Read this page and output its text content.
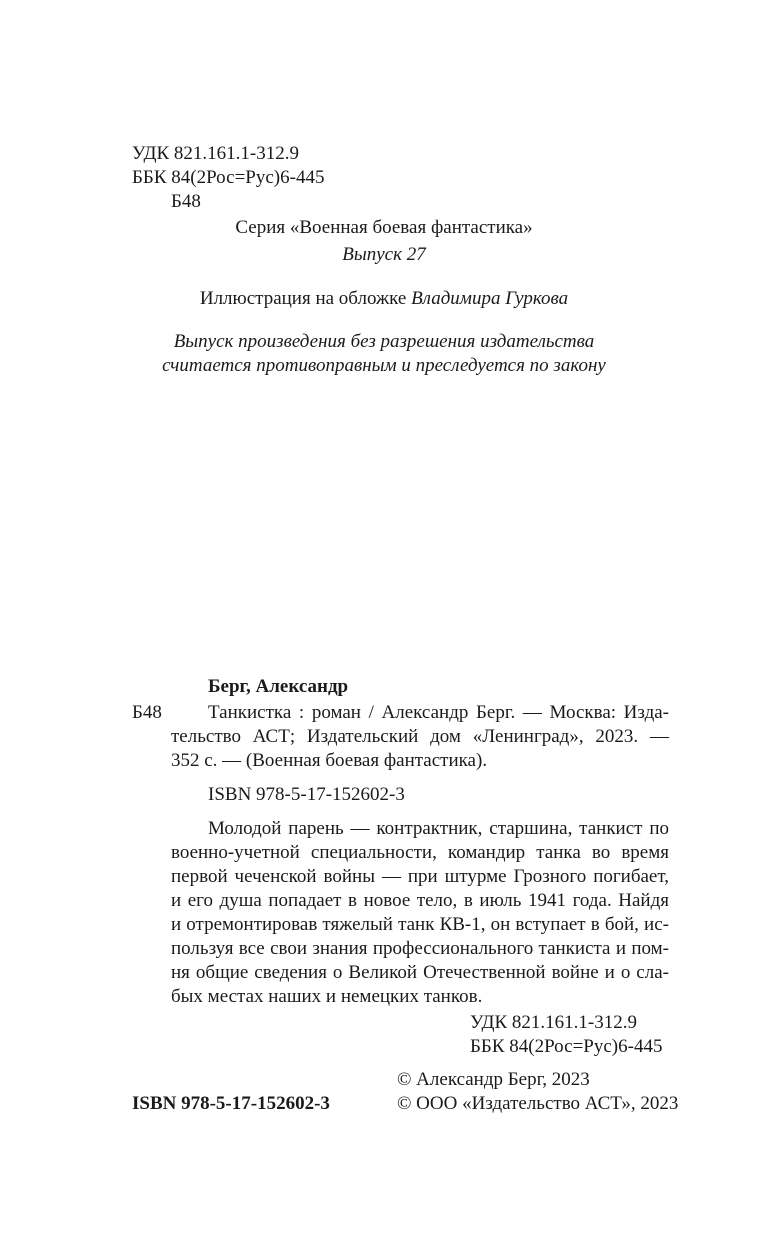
УДК 821.161.1-312.9
ББК 84(2Рос=Рус)6-445
Б48
Серия «Военная боевая фантастика»
Выпуск 27
Иллюстрация на обложке Владимира Гуркова
Выпуск произведения без разрешения издательства
считается противоправным и преследуется по закону
Берг, Александр
Б48 Танкистка : роман / Александр Берг. — Москва: Изда-
тельство АСТ; Издательский дом «Ленинград», 2023. —
352 с. — (Военная боевая фантастика).
ISBN 978-5-17-152602-3
Молодой парень — контрактник, старшина, танкист по
военно-учетной специальности, командир танка во время
первой чеченской войны — при штурме Грозного погибает,
и его душа попадает в новое тело, в июль 1941 года. Найдя
и отремонтировав тяжелый танк КВ-1, он вступает в бой, ис-
пользуя все свои знания профессионального танкиста и пом-
ня общие сведения о Великой Отечественной войне и о сла-
бых местах наших и немецких танков.
УДК 821.161.1-312.9
ББК 84(2Рос=Рус)6-445
© Александр Берг, 2023
ISBN 978-5-17-152602-3	© ООО «Издательство АСТ», 2023
